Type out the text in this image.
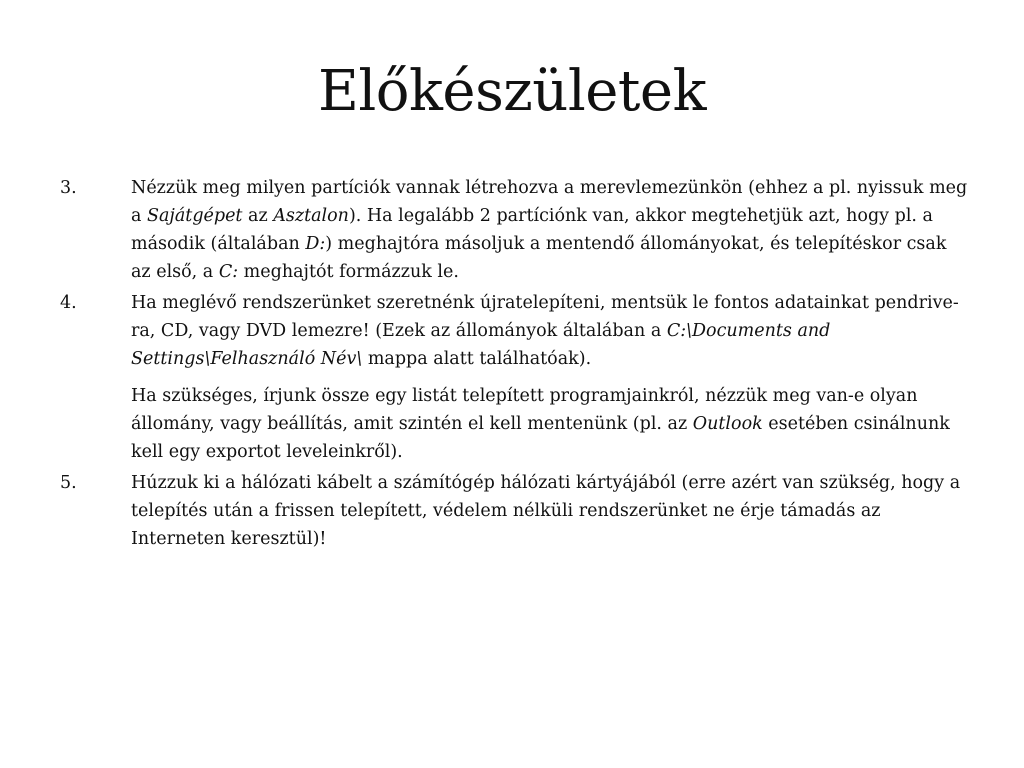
Előkészületek
3.	Nézzük meg milyen partíciók vannak létrehozva a merevlemezünkön (ehhez a pl. nyissuk meg a Sajátgépet az Asztalon). Ha legalább 2 partíciónk van, akkor megtehetjük azt, hogy pl. a második (általában D:) meghajtóra másoljuk a mentendő állományokat, és telepítéskor csak az első, a C: meghajtót formázzuk le.

4.	Ha meglévő rendszerünket szeretnénk újratelepíteni, mentsük le fontos adatainkat pendrive-ra, CD, vagy DVD lemezre! (Ezek az állományok általában a C:\Documents and Settings\Felhasználó Név\ mappa alatt találhatóak).

Ha szükséges, írjunk össze egy listát telepített programjainkról, nézzük meg van-e olyan állomány, vagy beállítás, amit szintén el kell mentenünk (pl. az Outlook esetében csinálnunk kell egy exportot leveleinkről).

5.	Húzzuk ki a hálózati kábelt a számítógép hálózati kártyájából (erre azért van szükség, hogy a telepítés után a frissen telepített, védelem nélküli rendszerünket ne érje támadás az Interneten keresztül)!
